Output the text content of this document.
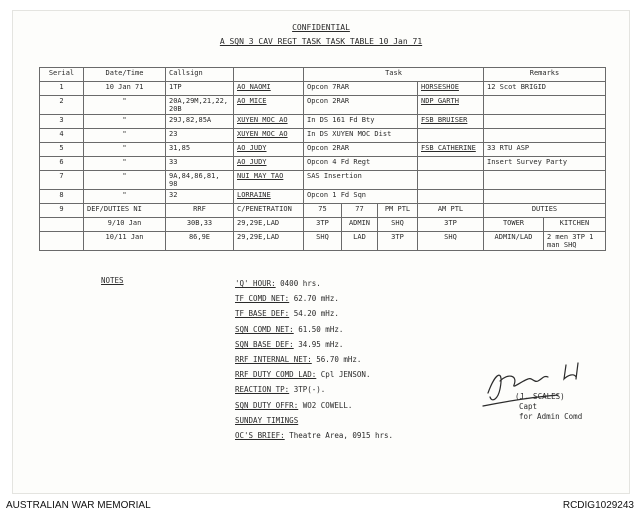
CONFIDENTIAL
A SQN 3 CAV REGT TASK TASK TABLE 10 Jan 71
Serial	Date/Time	Callsign		Task				Remarks	
1	10 Jan 71	1TP	AO NAOMI	Opcon 7RAR			HORSESHOE	12 Scot BRIGID	
2	"	20A,29M,21,22, 20B	AO MICE	Opcon 2RAR			NDP GARTH		
3	"	29J,82,85A	XUYEN MOC AO	In DS 161 Fd Bty			FSB BRUISER		
4	"	23	XUYEN MOC AO	In DS XUYEN MOC Dist					
5	"	31,85	AO JUDY	Opcon 2RAR			FSB CATHERINE	33 RTU ASP	
6	"	33	AO JUDY	Opcon 4 Fd Regt				Insert Survey Party	
7	"	9A,84,86,81, 98	NUI MAY TAO	SAS Insertion					
8	"	32	LORRAINE	Opcon 1 Fd Sqn					
9	DEF/DUTIES NI	RRF	C/PENETRATION	75	77	PM PTL	AM PTL	DUTIES	
	9/10 Jan	30B,33	29,29E,LAD	3TP	ADMIN	SHQ	3TP	TOWER	KITCHEN
	10/11 Jan	86,9E	29,29E,LAD	SHQ	LAD	3TP	SHQ	ADMIN/LAD	2 men 3TP 1 man SHQ
NOTES	'Q' HOUR: 0400 hrs.
TF COMD NET: 62.70 mHz.
TF BASE DEF: 54.20 mHz.
SQN COMD NET: 61.50 mHz.
SQN BASE DEF: 34.95 mHz.
RRF INTERNAL NET: 56.70 mHz.
RRF DUTY COMD LAD: Cpl JENSON.
REACTION TP: 3TP(-).
SQN DUTY OFFR: WO2 COWELL.
SUNDAY TIMINGS
OC'S BRIEF: Theatre Area, 0915 hrs.
(J. SCALES)
Capt
for Admin Comd
AUSTRALIAN WAR MEMORIAL	RCDIG1029243
